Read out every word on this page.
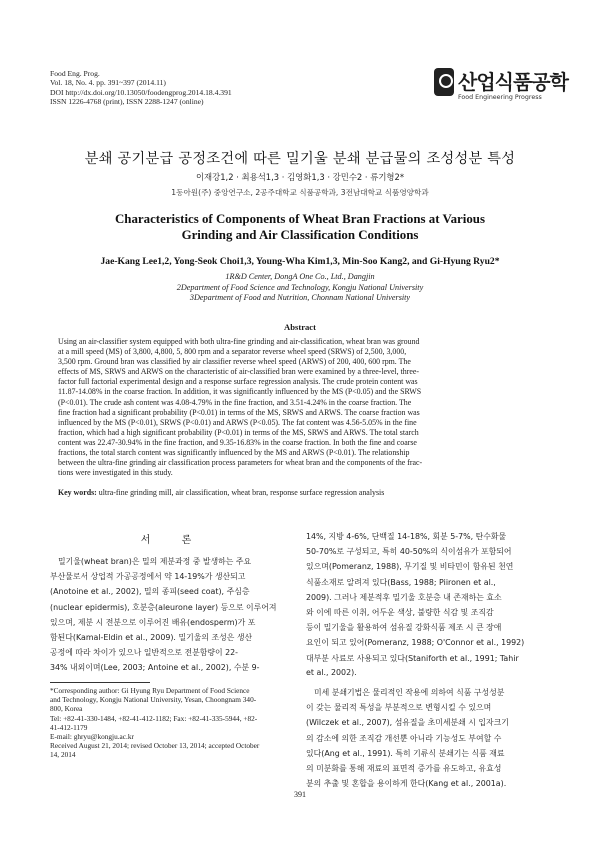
Food Eng. Prog.
Vol. 18, No. 4. pp. 391~397 (2014.11)
DOI http://dx.doi.org/10.13050/foodengprog.2014.18.4.391
ISSN 1226-4768 (print), ISSN 2288-1247 (online)
산업식품공학
Food Engineering Progress
분쇄 공기분급 공정조건에 따른 밀기울 분쇄 분급물의 조성성분 특성
이재강1,2 · 최용석1,3 · 김영화1,3 · 강민수2 · 류기형2*
1동아원(주) 중앙연구소, 2공주대학교 식품공학과, 3전남대학교 식품영양학과
Characteristics of Components of Wheat Bran Fractions at Various
Grinding and Air Classification Conditions
Jae-Kang Lee1,2, Yong-Seok Choi1,3, Young-Wha Kim1,3, Min-Soo Kang2, and Gi-Hyung Ryu2*
1R&D Center, DongA One Co., Ltd., Dangjin
2Department of Food Science and Technology, Kongju National University
3Department of Food and Nutrition, Chonnam National University
Abstract
Using an air-classifier system equipped with both ultra-fine grinding and air-classification, wheat bran was ground
at a mill speed (MS) of 3,800, 4,800, 5, 800 rpm and a separator reverse wheel speed (SRWS) of 2,500, 3,000,
3,500 rpm. Ground bran was classified by air classifier reverse wheel speed (ARWS) of 200, 400, 600 rpm. The
effects of MS, SRWS and ARWS on the characteristic of air-classified bran were examined by a three-level, three-
factor full factorial experimental design and a response surface regression analysis. The crude protein content was
11.87-14.08% in the coarse fraction. In addition, it was significantly influenced by the MS (P<0.05) and the SRWS
(P<0.01). The crude ash content was 4.08-4.79% in the fine fraction, and 3.51-4.24% in the coarse fraction. The
fine fraction had a significant probability (P<0.01) in terms of the MS, SRWS and ARWS. The coarse fraction was
influenced by the MS (P<0.01), SRWS (P<0.01) and ARWS (P<0.05). The fat content was 4.56-5.05% in the fine
fraction, which had a high significant probability (P<0.01) in terms of the MS, SRWS and ARWS. The total starch
content was 22.47-30.94% in the fine fraction, and 9.35-16.83% in the coarse fraction. In both the fine and coarse
fractions, the total starch content was significantly influenced by the MS and ARWS (P<0.01). The relationship
between the ultra-fine grinding air classification process parameters for wheat bran and the components of the frac-
tions were investigated in this study.
Key words: ultra-fine grinding mill, air classification, wheat bran, response surface regression analysis
서 론
밀기울(wheat bran)은 밀의 제분과정 중 발생하는 주요
부산물로서 상업적 가공공정에서 약 14-19%가 생산되고
(Anotoine et al., 2002), 밀의 종피(seed coat), 주심층
(nuclear epidermis), 호분층(aleurone layer) 등으로 이루어져
있으며, 제분 시 전분으로 이루어진 배유(endosperm)가 포
함된다(Kamal-Eldin et al., 2009). 밀기울의 조성은 생산
공정에 따라 차이가 있으나 일반적으로 전분함량이 22-
34% 내외이며(Lee, 2003; Antoine et al., 2002), 수분 9-
14%, 지방 4-6%, 단백질 14-18%, 회분 5-7%, 탄수화물
50-70%로 구성되고, 특히 40-50%의 식이섬유가 포함되어
있으며(Pomeranz, 1988), 무기질 및 비타민이 함유된 천연
식품소재로 알려져 있다(Bass, 1988; Piironen et al.,
2009). 그러나 제분적후 밀기울 호분층 내 존재하는 효소
와 이에 따른 이취, 어두운 색상, 불량한 식감 및 조직감
등이 밀기울을 활용하여 섬유질 강화식품 제조 시 큰 장애
요인이 되고 있어(Pomeranz, 1988; O'Connor et al., 1992)
대부분 사료로 사용되고 있다(Staniforth et al., 1991; Tahir
et al., 2002).
미세 분쇄기법은 물리적인 작용에 의하여 식품 구성성분
이 갖는 물리적 특성을 부분적으로 변형시킬 수 있으며
(Wilczek et al., 2007), 섬유질을 초미세분쇄 시 입자크기
의 감소에 의한 조직감 개선뿐 아니라 기능성도 부여할 수
있다(Ang et al., 1991). 특히 기류식 분쇄기는 식품 재료
의 미분화를 통해 재료의 표면적 증가를 유도하고, 유효성
분의 추출 및 혼합을 용이하게 한다(Kang et al., 2001a).
*Corresponding author: Gi Hyung Ryu Department of Food Science
and Technology, Kongju National University, Yesan, Choongnam 340-
800, Korea
Tel: +82-41-330-1484, +82-41-412-1182; Fax: +82-41-335-5944, +82-
41-412-1179
E-mail: ghryu@kongju.ac.kr
Received August 21, 2014; revised October 13, 2014; accepted October
14, 2014
391
